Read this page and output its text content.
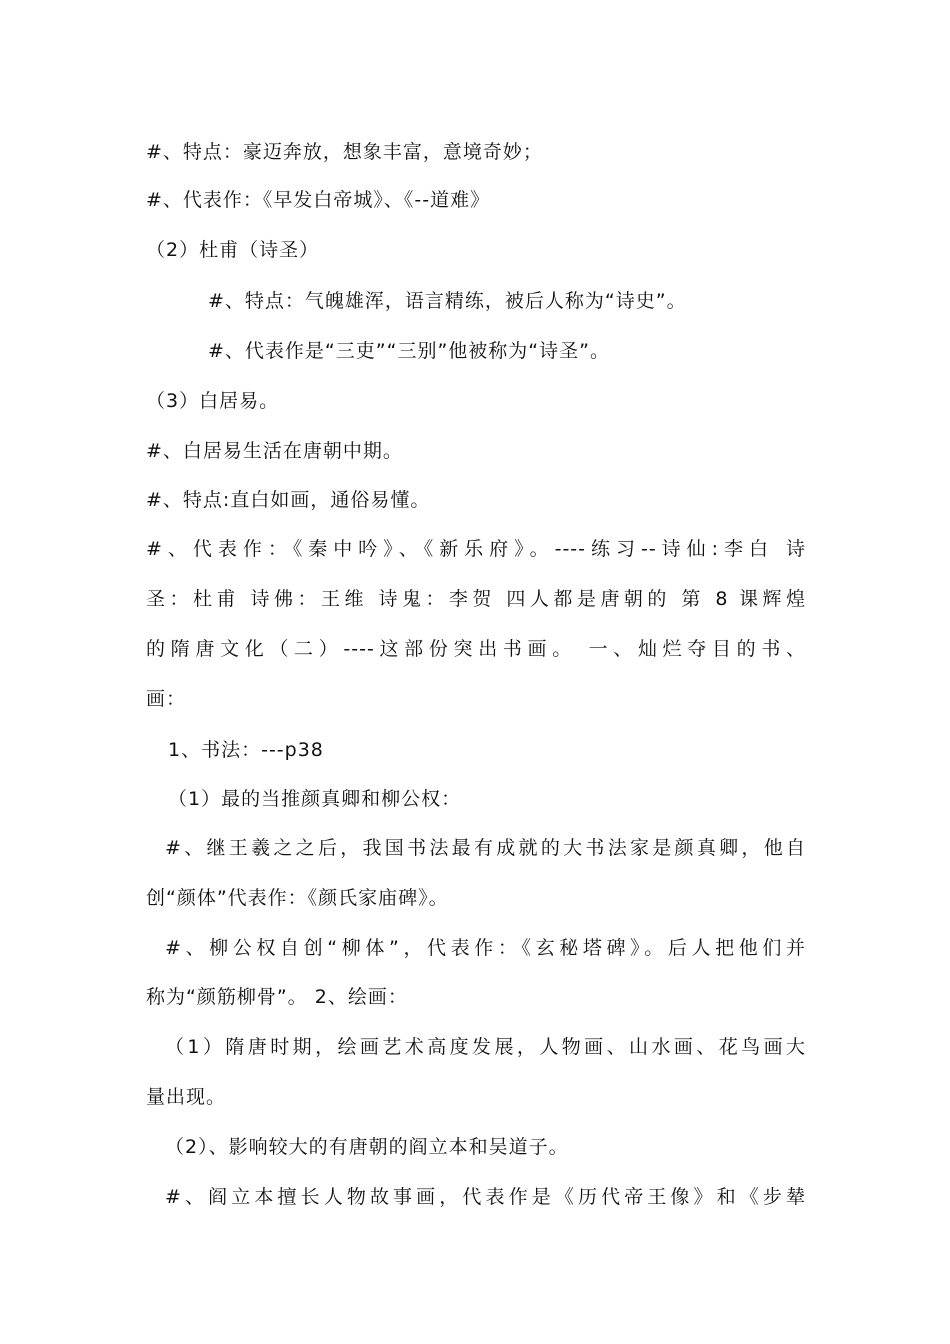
#、特点：豪迈奔放，想象丰富，意境奇妙；
#、代表作：《早发白帝城》、《--道难》
（2）杜甫（诗圣）
#、特点：气魄雄浑，语言精练，被后人称为“诗史”。
#、代表作是“三吏”“三别”他被称为“诗圣”。
（3）白居易。
#、白居易生活在唐朝中期。
#、特点:直白如画，通俗易懂。
#、代表作：《秦中吟》、《新乐府》。----练习--诗仙:李白 诗
圣：杜甫 诗佛：王维 诗鬼：李贺 四人都是唐朝的 第 8 课辉煌
的隋唐文化（二）----这部份突出书画。 一、灿烂夺目的书、
画：
1、书法：---p38
（1）最的当推颜真卿和柳公权：
#、继王羲之之后，我国书法最有成就的大书法家是颜真卿，他自
创“颜体”代表作：《颜氏家庙碑》。
#、柳公权自创“柳体”，代表作：《玄秘塔碑》。后人把他们并
称为“颜筋柳骨”。 2、绘画：
（1）隋唐时期，绘画艺术高度发展，人物画、山水画、花鸟画大
量出现。
（2）、影响较大的有唐朝的阎立本和吴道子。
#、阎立本擅长人物故事画，代表作是《历代帝王像》和《步辇
